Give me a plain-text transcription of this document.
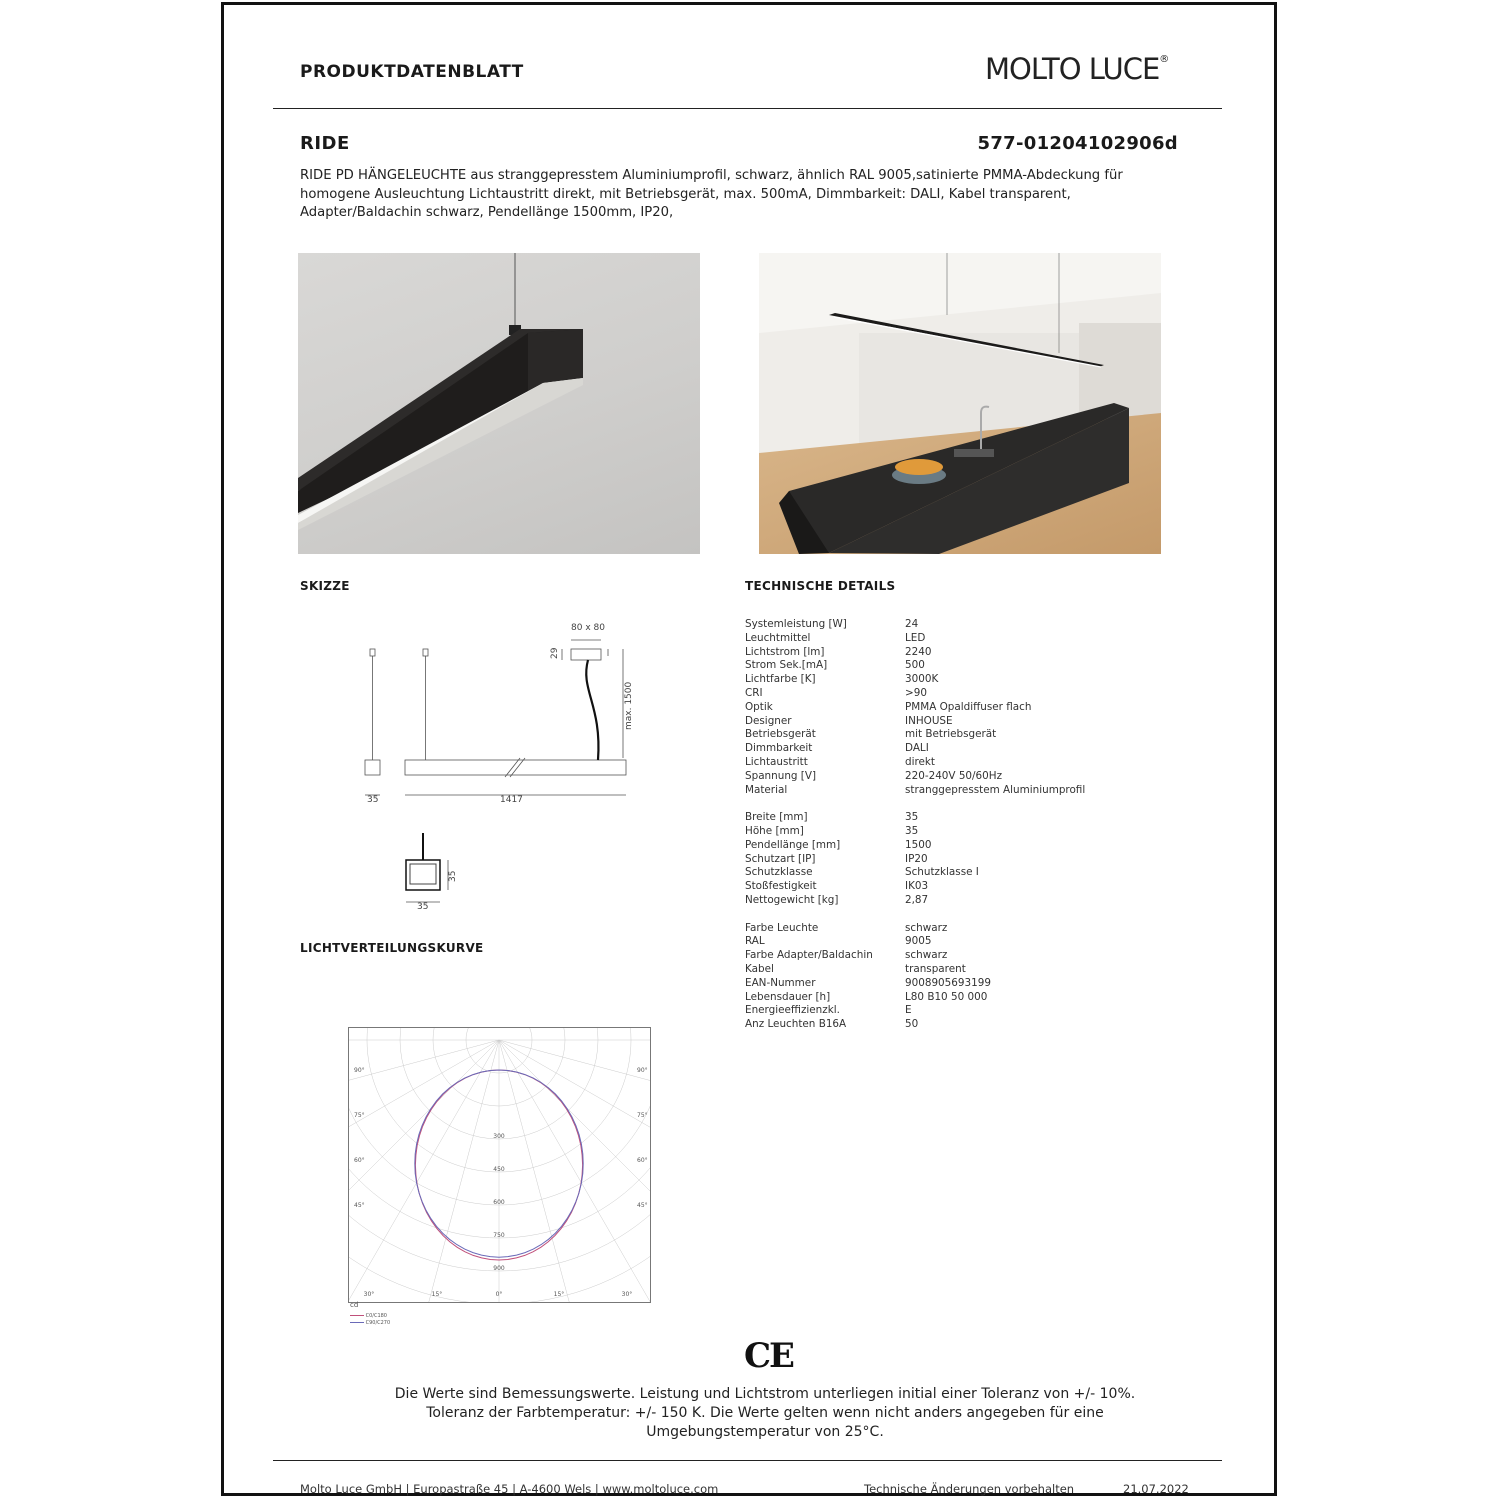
PRODUKTDATENBLATT	MOLTO LUCE®
RIDE	577-01204102906d
RIDE PD HÄNGELEUCHTE aus stranggepresstem Aluminiumprofil, schwarz, ähnlich RAL 9005,satinierte PMMA-Abdeckung für homogene Ausleuchtung Lichtaustritt direkt, mit Betriebsgerät, max. 500mA, Dimmbarkeit: DALI, Kabel transparent, Adapter/Baldachin schwarz, Pendellänge 1500mm, IP20,
SKIZZE	TECHNISCHE DETAILS
LICHTVERTEILUNGSKURVE
80 x 80
29
max. 1500
35	1417
35
35
Systemleistung [W]	24
Leuchtmittel	LED
Lichtstrom [lm]	2240
Strom Sek.[mA]	500
Lichtfarbe [K]	3000K
CRI	>90
Optik	PMMA Opaldiffuser flach
Designer	INHOUSE
Betriebsgerät	mit Betriebsgerät
Dimmbarkeit	DALI
Lichtaustritt	direkt
Spannung [V]	220-240V 50/60Hz
Material	stranggepresstem Aluminiumprofil
Breite [mm]	35
Höhe [mm]	35
Pendellänge [mm]	1500
Schutzart [IP]	IP20
Schutzklasse	Schutzklasse I
Stoßfestigkeit	IK03
Nettogewicht [kg]	2,87
Farbe Leuchte	schwarz
RAL	9005
Farbe Adapter/Baldachin	schwarz
Kabel	transparent
EAN-Nummer	9008905693199
Lebensdauer [h]	L80 B10 50 000
Energieeffizienzkl.	E
Anz Leuchten B16A	50
300
450
600
750
900
90°	90°
75°	75°
60°	60°
45°	45°
30°	15°	0°	15°	30°
cd
C0/C180
C90/C270
CE
Die Werte sind Bemessungswerte. Leistung und Lichtstrom unterliegen initial einer Toleranz von +/- 10%.
Toleranz der Farbtemperatur: +/- 150 K. Die Werte gelten wenn nicht anders angegeben für eine
Umgebungstemperatur von 25°C.
Molto Luce GmbH | Europastraße 45 | A-4600 Wels | www.moltoluce.com	Technische Änderungen vorbehalten	21.07.2022
